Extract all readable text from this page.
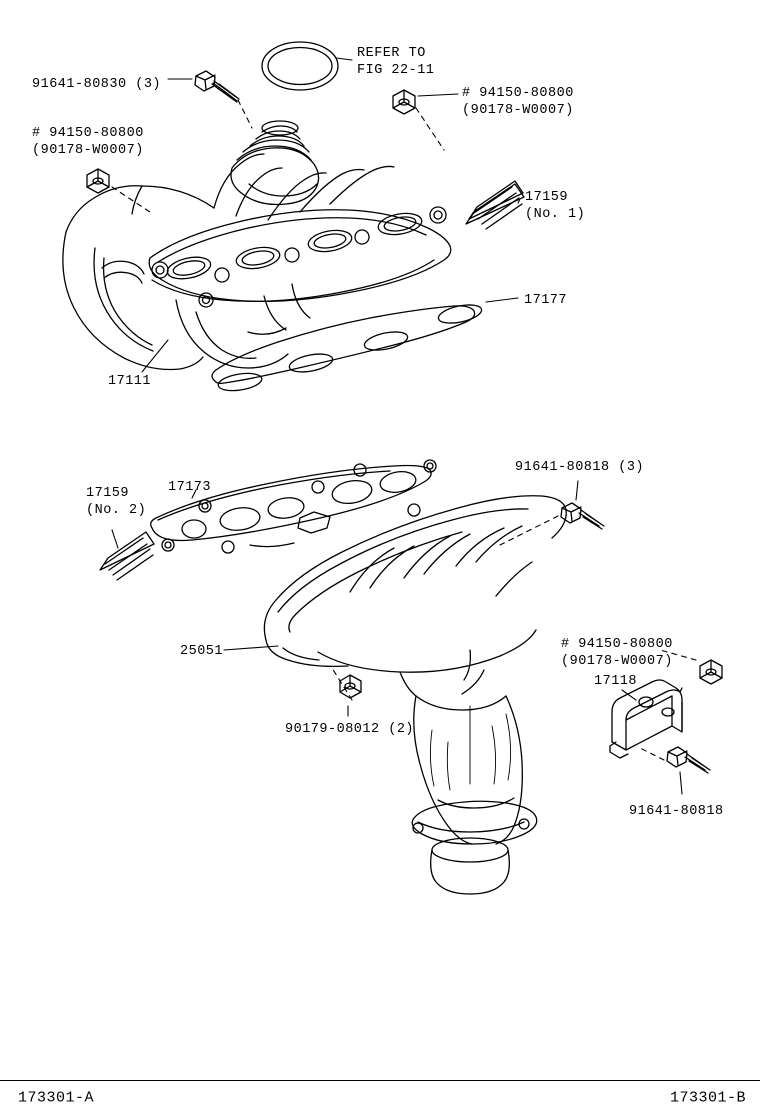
91641-80830 (3)
REFER TO
FIG 22-11
# 94150-80800
(90178-W0007)
# 94150-80800
(90178-W0007)
17159
(No. 1)
17177
17111
17159
(No. 2)
17173
91641-80818 (3)
# 94150-80800
(90178-W0007)
25051
17118
90179-08012 (2)
91641-80818
173301-A	173301-B
